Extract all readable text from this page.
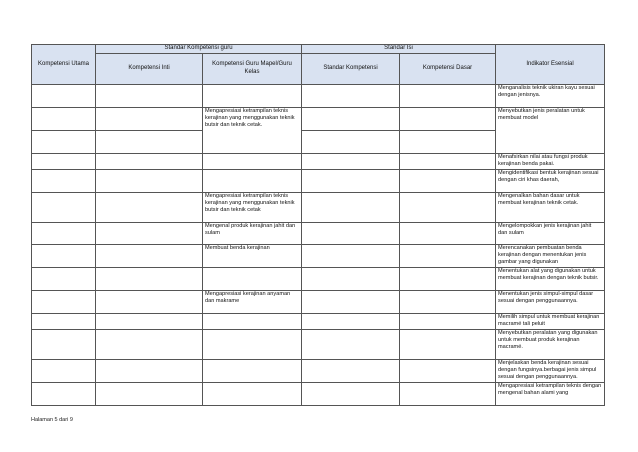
Kompetensi Utama	Standar Kompetensi guru		Standar Isi		Indikator Esensial
	Kompetensi Inti	Kompetensi Guru Mapel/Guru Kelas	Standar Kompetensi	Kompetensi Dasar	
					Menganalisis teknik ukiran kayu sesuai dengan jenisnya.
		Mengapresiasi ketrampilan teknis kerajinan yang menggunakan teknik butsir dan teknik cetak.			Menyebutkan jenis peralatan untuk membuat model

					Menafsirkan nilai atau fungsi produk kerajinan benda pakai.
					Mengidentifikasi bentuk kerajinan sesuai dengan ciri khas daerah,
		Mengapresiasi ketrampilan teknis kerajinan yang menggunakan teknik butsir dan teknik cetak			Mengenalkan bahan dasar untuk membuat kerajinan teknik cetak.
		Mengenal produk kerajinan jahit dan sulam			Mengelompokkan jenis kerajinan jahit dan sulam
		Membuat benda kerajinan			Merencanakan pembuatan benda kerajinan dengan menentukan jenis gambar yang digunakan
					Menentukan alat yang digunakan untuk membuat kerajinan dengan teknik butsir.
		Mengapresiasi kerajinan anyaman dan makrame			Menentukan jenis simpul-simpul dasar sesuai dengan penggunaannya.
					Memilih simpul untuk membuat kerajinan macramé tali peluit
					Menyebutkan peralatan yang digunakan untuk membuat produk kerajinan macramé.
					Menjelaskan benda kerajinan sesuai dengan fungsinya.berbagai jenis simpul sesuai dengan penggunaannya.
					Mengapresiasi ketrampilan teknis dengan mengenal bahan alami yang
Halaman 5 dari 9
